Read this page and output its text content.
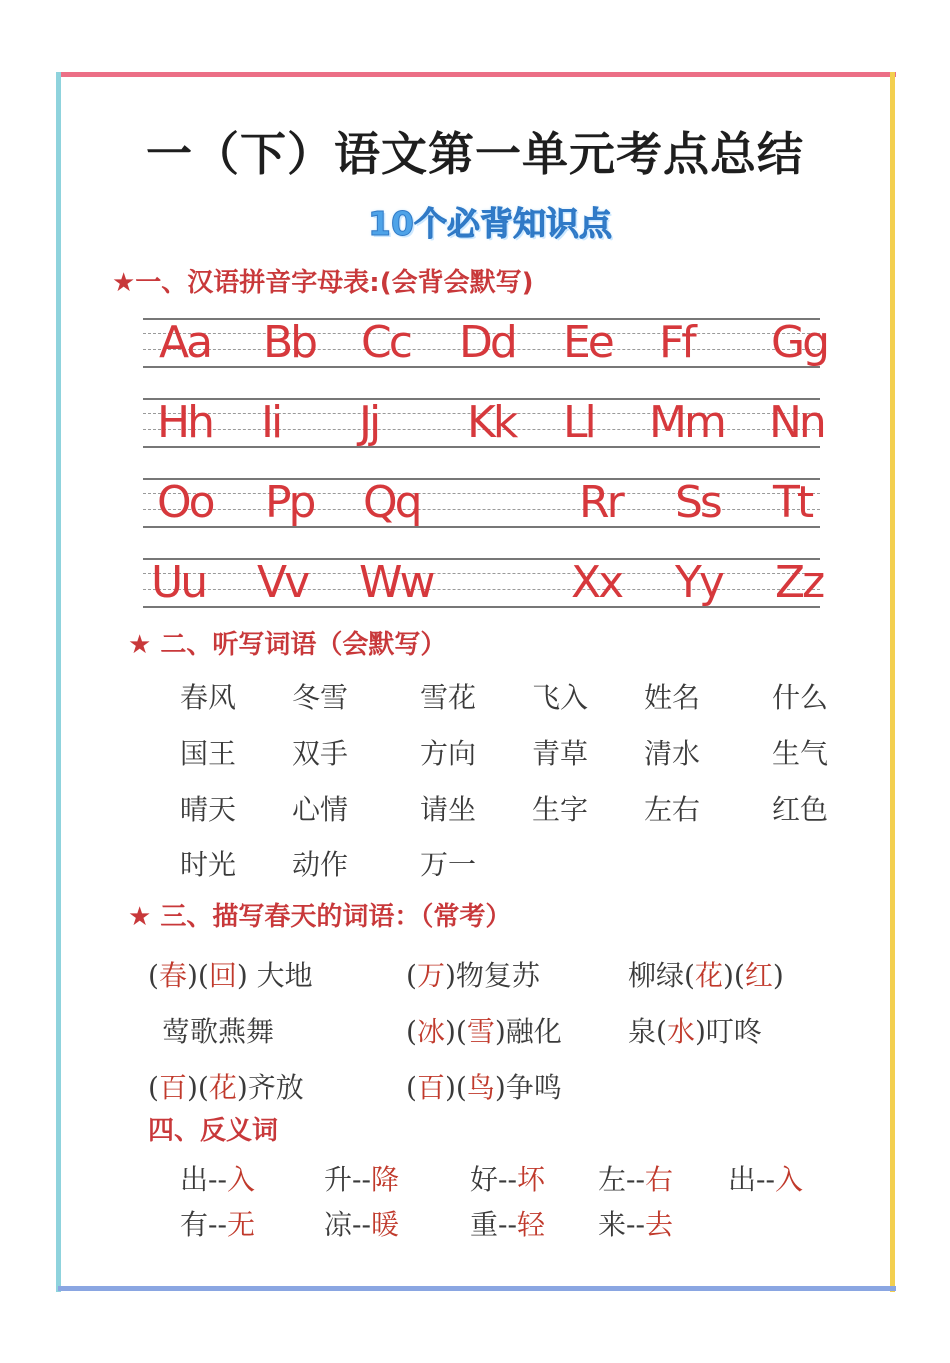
一（下）语文第一单元考点总结
10个必背知识点
★一、汉语拼音字母表:(会背会默写)
Aa Bb Cc Dd Ee Ff Gg
Hh Ii Jj Kk Ll Mm Nn
Oo Pp Qq	Rr Ss Tt
Uu Vv Ww	Xx Yy Zz
★ 二、听写词语（会默写）
春风 冬雪	雪花 飞入 姓名	什么
国王 双手	方向 青草 清水	生气
晴天 心情	请坐 生字 左右	红色
时光 动作	万一
★ 三、描写春天的词语：（常考）
(春)(回) 大地	(万)物复苏	柳绿(花)(红)
莺歌燕舞	(冰)(雪)融化 泉(水)叮咚
(百)(花)齐放	(百)(鸟)争鸣
四、反义词
出--入 升--降	好--坏 左--右 出--入
有--无 凉--暖	重--轻 来--去
